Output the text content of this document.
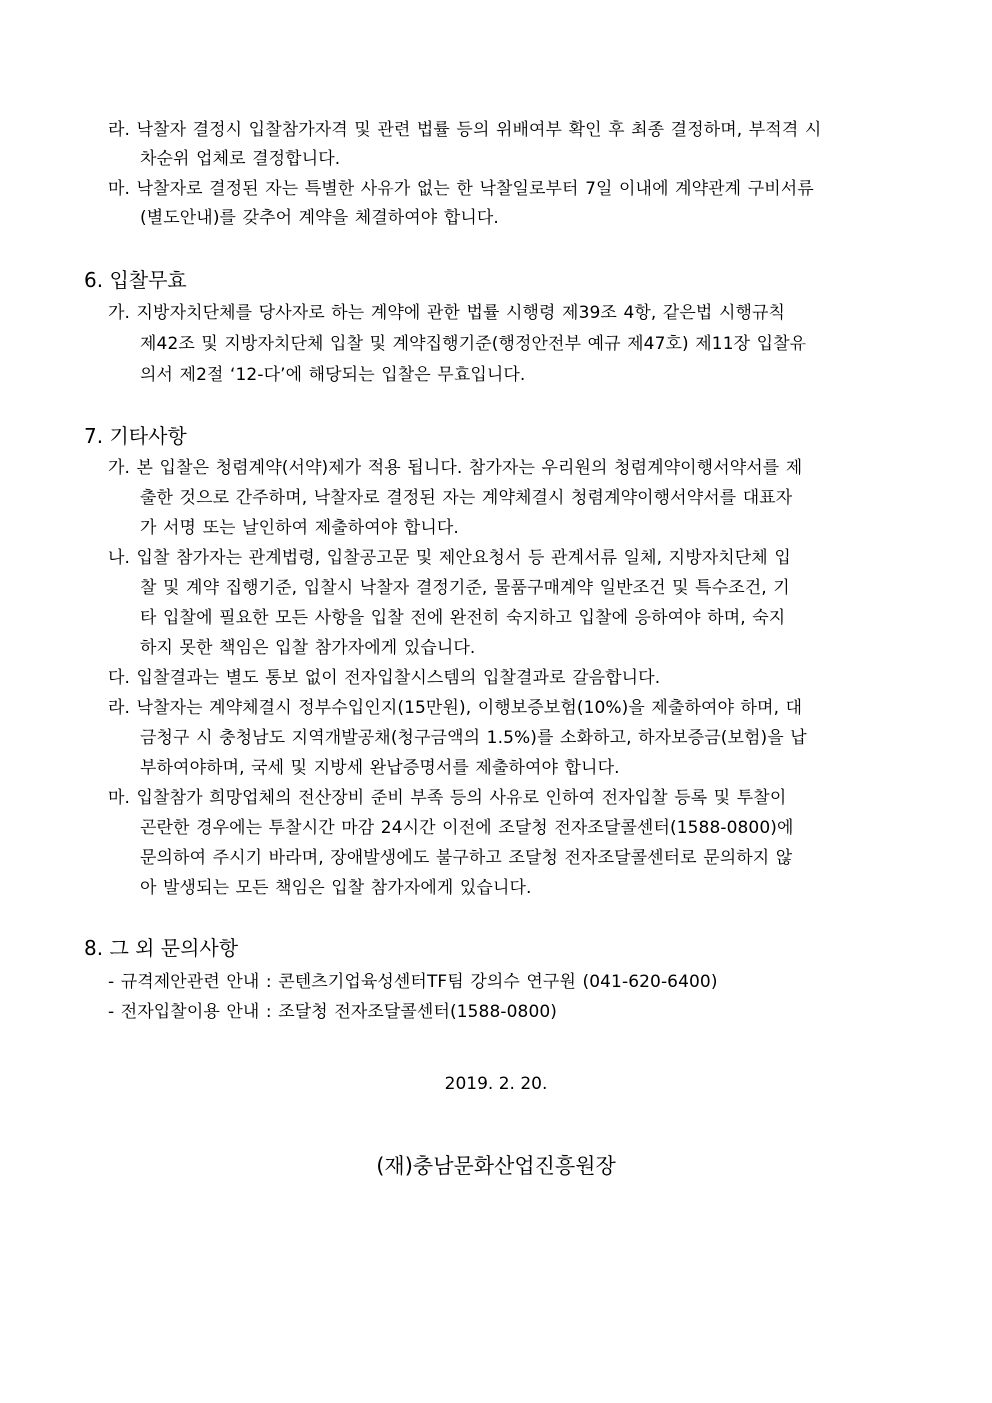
라. 낙찰자 결정시 입찰참가자격 및 관련 법률 등의 위배여부 확인 후 최종 결정하며, 부적격 시
차순위 업체로 결정합니다.
마. 낙찰자로 결정된 자는 특별한 사유가 없는 한 낙찰일로부터 7일 이내에 계약관계 구비서류
(별도안내)를 갖추어 계약을 체결하여야 합니다.
6. 입찰무효
가. 지방자치단체를 당사자로 하는 계약에 관한 법률 시행령 제39조 4항, 같은법 시행규칙
제42조 및 지방자치단체 입찰 및 계약집행기준(행정안전부 예규 제47호) 제11장 입찰유
의서 제2절 ‘12-다’에 해당되는 입찰은 무효입니다.
7. 기타사항
가. 본 입찰은 청렴계약(서약)제가 적용 됩니다. 참가자는 우리원의 청렴계약이행서약서를 제
출한 것으로 간주하며, 낙찰자로 결정된 자는 계약체결시 청렴계약이행서약서를 대표자
가 서명 또는 날인하여 제출하여야 합니다.
나. 입찰 참가자는 관계법령, 입찰공고문 및 제안요청서 등 관계서류 일체, 지방자치단체 입
찰 및 계약 집행기준, 입찰시 낙찰자 결정기준, 물품구매계약 일반조건 및 특수조건, 기
타 입찰에 필요한 모든 사항을 입찰 전에 완전히 숙지하고 입찰에 응하여야 하며, 숙지
하지 못한 책임은 입찰 참가자에게 있습니다.
다. 입찰결과는 별도 통보 없이 전자입찰시스템의 입찰결과로 갈음합니다.
라. 낙찰자는 계약체결시 정부수입인지(15만원), 이행보증보험(10%)을 제출하여야 하며, 대
금청구 시 충청남도 지역개발공채(청구금액의 1.5%)를 소화하고, 하자보증금(보험)을 납
부하여야하며, 국세 및 지방세 완납증명서를 제출하여야 합니다.
마. 입찰참가 희망업체의 전산장비 준비 부족 등의 사유로 인하여 전자입찰 등록 및 투찰이
곤란한 경우에는 투찰시간 마감 24시간 이전에 조달청 전자조달콜센터(1588-0800)에
문의하여 주시기 바라며, 장애발생에도 불구하고 조달청 전자조달콜센터로 문의하지 않
아 발생되는 모든 책임은 입찰 참가자에게 있습니다.
8. 그 외 문의사항
- 규격제안관련 안내 : 콘텐츠기업육성센터TF팀 강의수 연구원 (041-620-6400)
- 전자입찰이용 안내 : 조달청 전자조달콜센터(1588-0800)
2019. 2. 20.
(재)충남문화산업진흥원장
